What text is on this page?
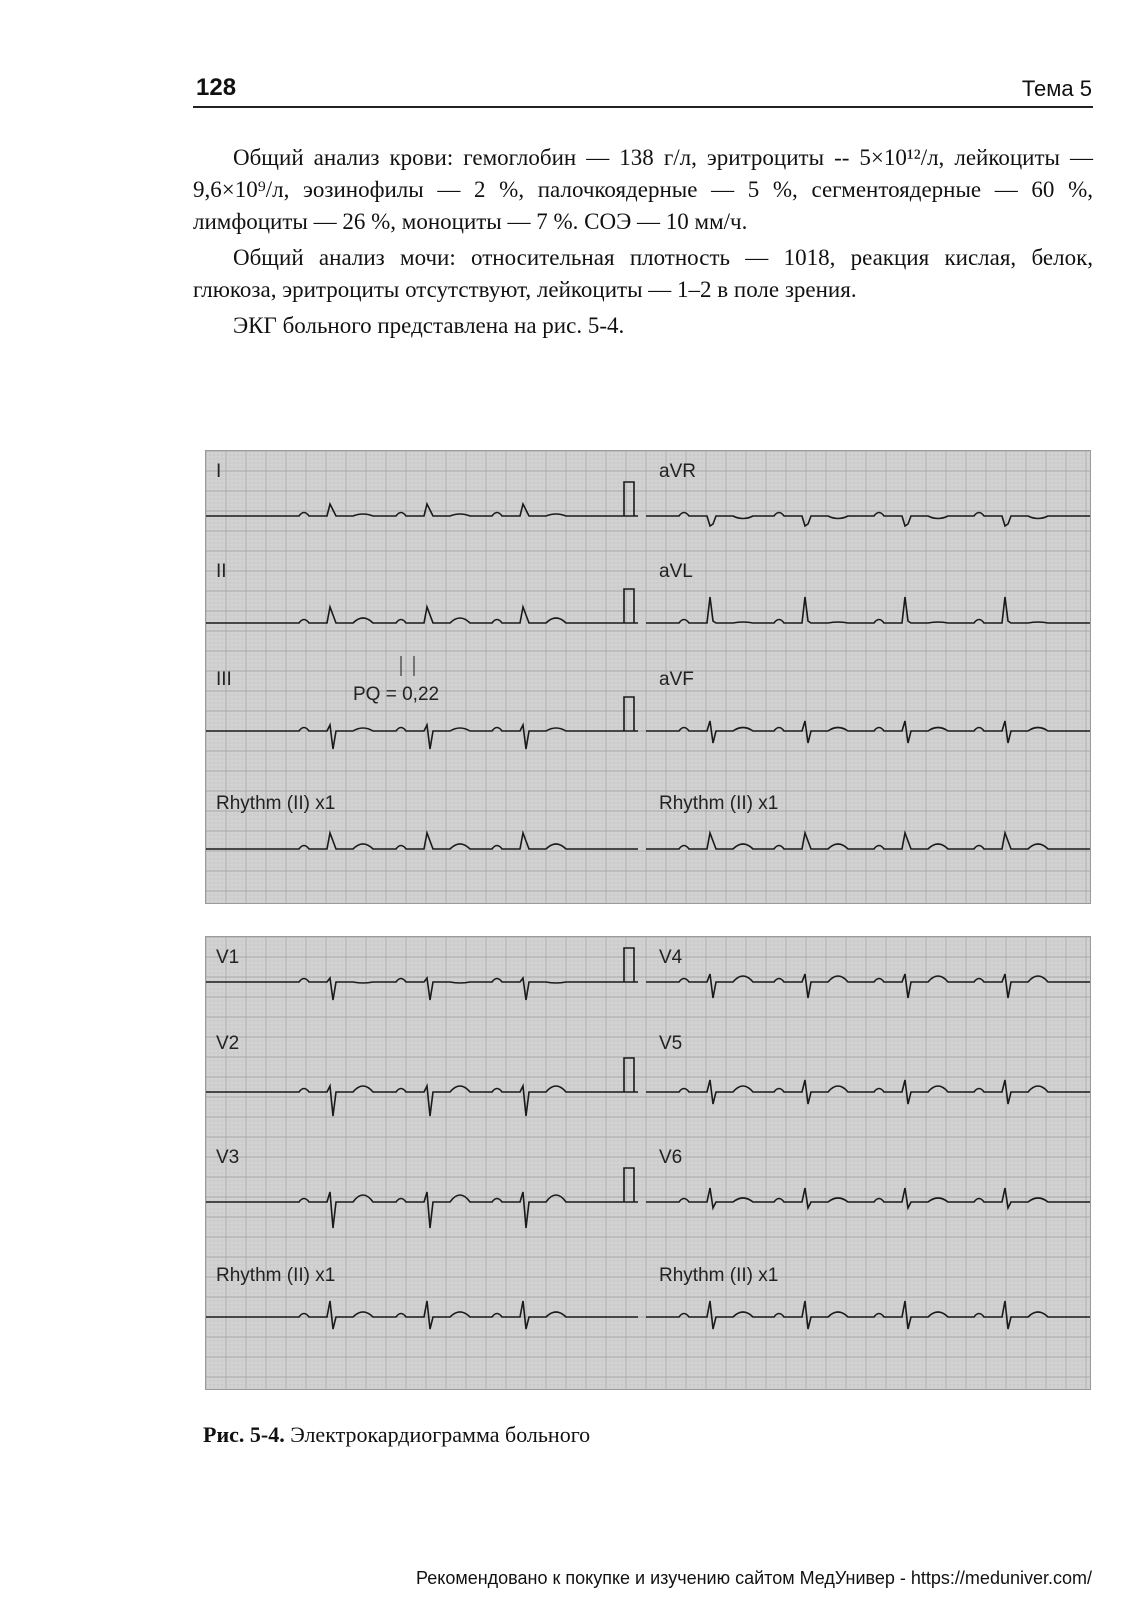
128	Тема 5

Общий анализ крови: гемоглобин — 138 г/л, эритроциты -- 5×10¹²/л, лейкоциты — 9,6×10⁹/л, эозинофилы — 2 %, палочкоядерные — 5 %, сегментоядерные — 60 %, лимфоциты — 26 %, моноциты — 7 %. СОЭ — 10 мм/ч.

Общий анализ мочи: относительная плотность — 1018, реакция кислая, белок, глюкоза, эритроциты отсутствуют, лейкоциты — 1–2 в поле зрения.

ЭКГ больного представлена на рис. 5-4.

I	aVR
II	aVL
III	aVF
Rhythm (II) x1	Rhythm (II) x1
PQ = 0,22
V1	V4
V2	V5
V3	V6
Rhythm (II) x1	Rhythm (II) x1
Рис. 5-4. Электрокардиограмма больного
Рекомендовано к покупке и изучению сайтом МедУнивер - https://meduniver.com/
